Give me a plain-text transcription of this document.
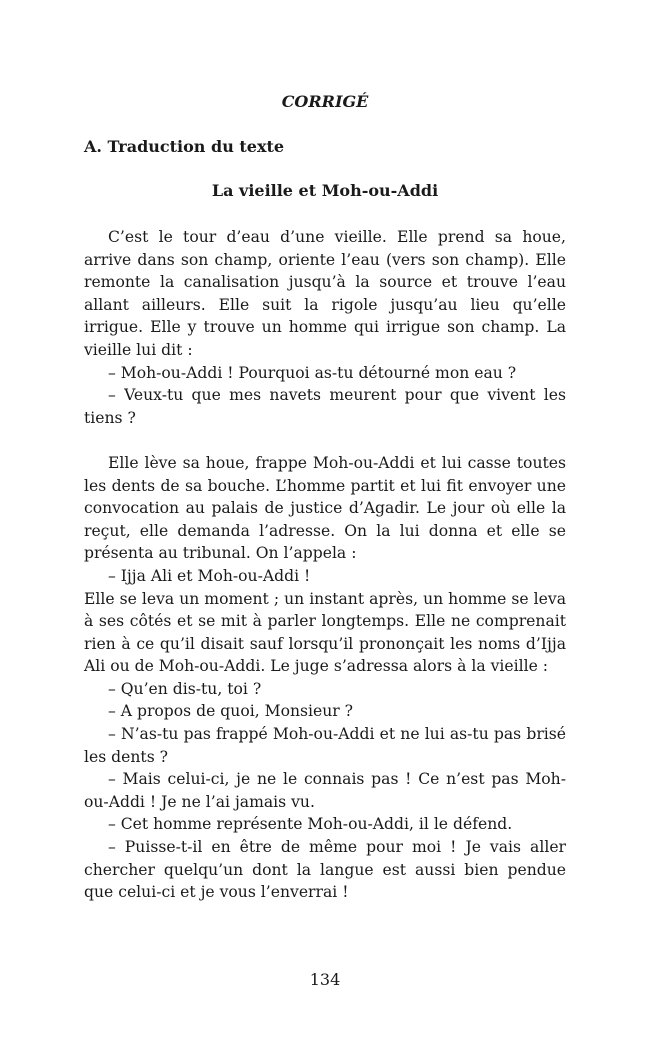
CORRIGÉ
A. Traduction du texte
La vieille et Moh-ou-Addi

C’est le tour d’eau d’une vieille. Elle prend sa houe, arrive dans son champ, oriente l’eau (vers son champ). Elle remonte la canalisation jusqu’à la source et trouve l’eau allant ailleurs. Elle suit la rigole jusqu’au lieu qu’elle irrigue. Elle y trouve un homme qui irrigue son champ. La vieille lui dit :

– Moh-ou-Addi ! Pourquoi as-tu détourné mon eau ?

– Veux-tu que mes navets meurent pour que vivent les tiens ?

Elle lève sa houe, frappe Moh-ou-Addi et lui casse toutes les dents de sa bouche. L’homme partit et lui fit envoyer une convocation au palais de justice d’Agadir. Le jour où elle la reçut, elle demanda l’adresse. On la lui donna et elle se présenta au tribunal. On l’appela :

– Ijja Ali et Moh-ou-Addi !

Elle se leva un moment ; un instant après, un homme se leva à ses côtés et se mit à parler longtemps. Elle ne comprenait rien à ce qu’il disait sauf lorsqu’il prononçait les noms d’Ijja Ali ou de Moh-ou-Addi. Le juge s’adressa alors à la vieille :

– Qu’en dis-tu, toi ?

– A propos de quoi, Monsieur ?

– N’as-tu pas frappé Moh-ou-Addi et ne lui as-tu pas brisé les dents ?

– Mais celui-ci, je ne le connais pas ! Ce n’est pas Moh-ou-Addi ! Je ne l’ai jamais vu.

– Cet homme représente Moh-ou-Addi, il le défend.

– Puisse-t-il en être de même pour moi ! Je vais aller chercher quelqu’un dont la langue est aussi bien pendue que celui-ci et je vous l’enverrai !

134
